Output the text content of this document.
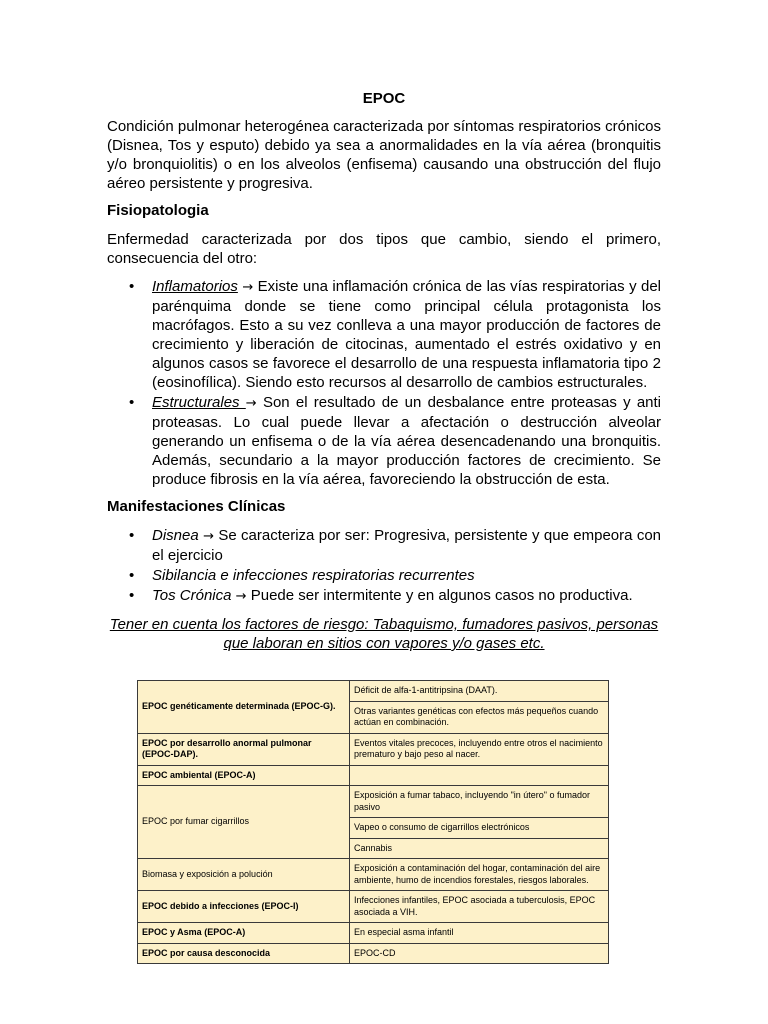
EPOC

Condición pulmonar heterogénea caracterizada por síntomas respiratorios crónicos (Disnea, Tos y esputo) debido ya sea a anormalidades en la vía aérea (bronquitis y/o bronquiolitis) o en los alveolos (enfisema) causando una obstrucción del flujo aéreo persistente y progresiva.

Fisiopatologia

Enfermedad caracterizada por dos tipos que cambio, siendo el primero, consecuencia del otro:

• Inflamatorios → Existe una inflamación crónica de las vías respiratorias y del parénquima donde se tiene como principal célula protagonista los macrófagos. Esto a su vez conlleva a una mayor producción de factores de crecimiento y liberación de citocinas, aumentado el estrés oxidativo y en algunos casos se favorece el desarrollo de una respuesta inflamatoria tipo 2 (eosinofílica). Siendo esto recursos al desarrollo de cambios estructurales.
• Estructurales → Son el resultado de un desbalance entre proteasas y anti proteasas. Lo cual puede llevar a afectación o destrucción alveolar generando un enfisema o de la vía aérea desencadenando una bronquitis. Además, secundario a la mayor producción factores de crecimiento. Se produce fibrosis en la vía aérea, favoreciendo la obstrucción de esta.
Manifestaciones Clínicas
• Disnea → Se caracteriza por ser: Progresiva, persistente y que empeora con el ejercicio
• Sibilancia e infecciones respiratorias recurrentes
• Tos Crónica → Puede ser intermitente y en algunos casos no productiva.

Tener en cuenta los factores de riesgo: Tabaquismo, fumadores pasivos, personas que laboran en sitios con vapores y/o gases etc.

EPOC genéticamente determinada (EPOC-G).	Déficit de alfa-1-antitripsina (DAAT).
	Otras variantes genéticas con efectos más pequeños cuando actúan en combinación.
EPOC por desarrollo anormal pulmonar (EPOC-DAP).	Eventos vitales precoces, incluyendo entre otros el nacimiento prematuro y bajo peso al nacer.
EPOC ambiental (EPOC-A)	
EPOC por fumar cigarrillos	Exposición a fumar tabaco, incluyendo "in útero" o fumador pasivo
	Vapeo o consumo de cigarrillos electrónicos
	Cannabis
Biomasa y exposición a polución	Exposición a contaminación del hogar, contaminación del aire ambiente, humo de incendios forestales, riesgos laborales.
EPOC debido a infecciones (EPOC-I)	Infecciones infantiles, EPOC asociada a tuberculosis, EPOC asociada a VIH.
EPOC y Asma (EPOC-A)	En especial asma infantil
EPOC por causa desconocida	EPOC-CD
